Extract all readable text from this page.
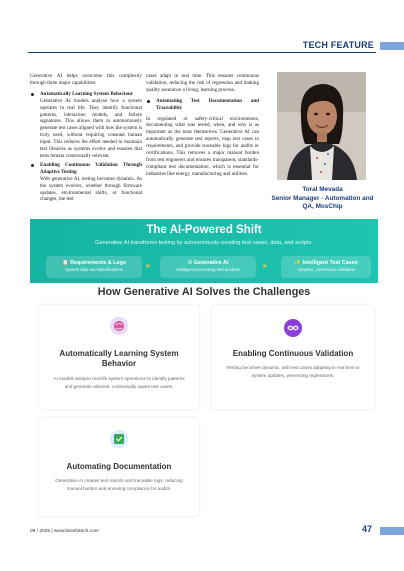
TECH FEATURE

Generative AI helps overcome this complexity through three major capabilities:

Automatically Learning System Behaviour
Generative AI models analyse how a system operates in real life. They identify functional patterns, interaction models, and failure signatures. This allows them to autonomously generate test cases aligned with how the system is truly used, without requiring constant human input. This reduces the effort needed to maintain test libraries as systems evolve and ensures that tests remain contextually relevant.
Enabling Continuous Validation Through Adaptive Testing
With generative AI, testing becomes dynamic. As the system evolves, whether through firmware updates, environmental shifts, or functional changes, the test

cases adapt in real time. This ensures continuous validation, reducing the risk of regression and making quality assurance a living, learning process.

Automating Test Documentation and Traceability

In regulated or safety-critical environments, documenting what was tested, when, and why is as important as the tests themselves. Generative AI can automatically generate test reports, map test cases to requirements, and provide traceable logs for audits or certifications. This removes a major manual burden from test engineers and ensures transparent, standards-compliant test documentation, which is essential for industries like energy, manufacturing and utilities.

Toral Mevada
Senior Manager - Automation and QA, MosChip
The AI-Powered Shift
Generative AI transforms testing by autonomously creating test cases, data, and scripts.
📋 Requirements & Logs
System data and specifications	➤	⚙ Generative AI
Intelligent processing and analysis	➤	✨ Intelligent Test Cases
Adaptive, continuous validation
How Generative AI Solves the Challenges
Automatically Learning System Behavior
AI models analyze real-life system operations to identify patterns and generate relevant, contextually aware test cases.
Enabling Continuous Validation
Testing becomes dynamic, with test cases adapting in real time to system updates, preventing regressions.
Automating Documentation
Generative AI creates test reports and traceable logs, reducing manual burden and ensuring compliance for audits.
09 / 2025 | www.bisinfotech.com	47
